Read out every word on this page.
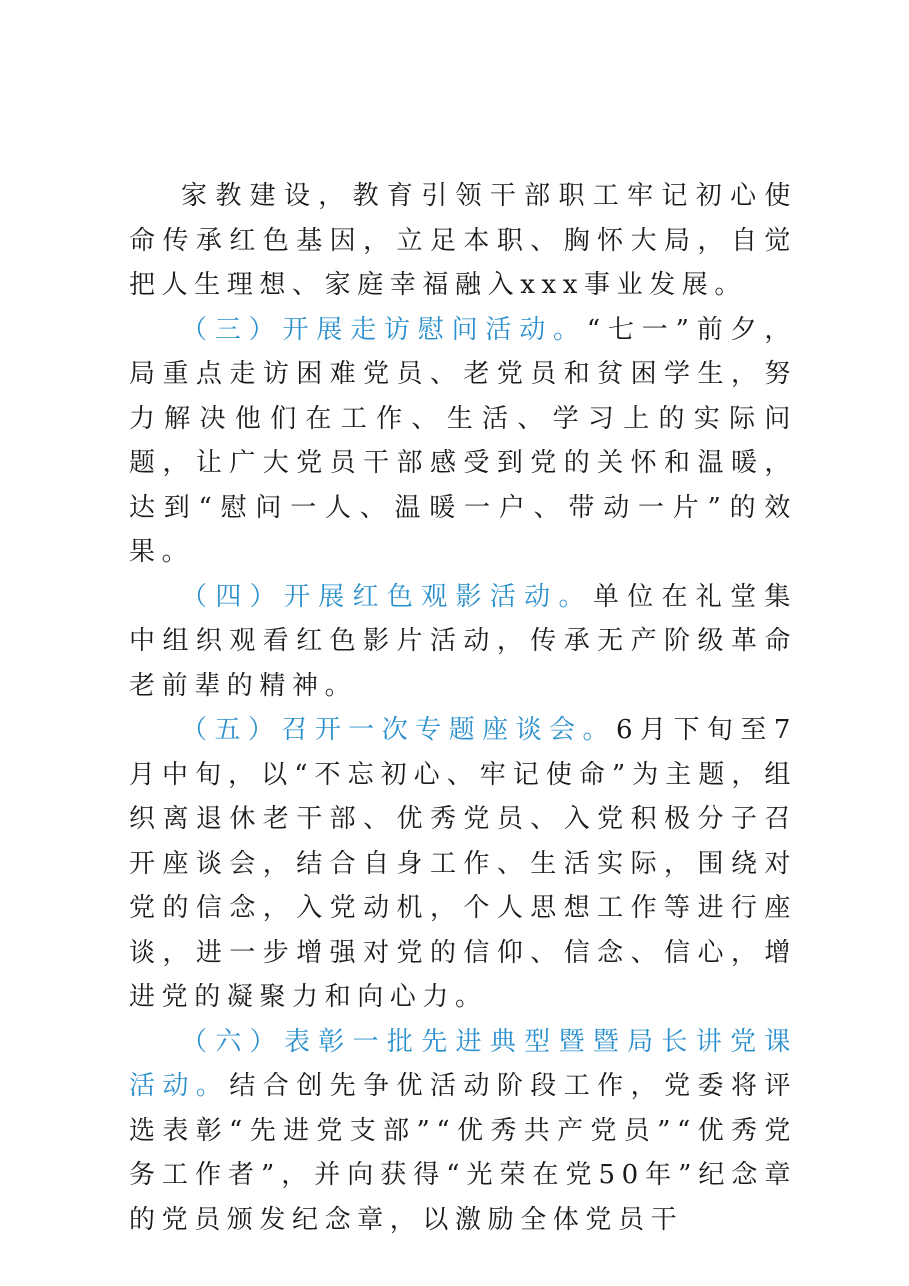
家教建设，教育引领干部职工牢记初心使命传承红色基因，立足本职、胸怀大局，自觉把人生理想、家庭幸福融入xxx事业发展。

（三）开展走访慰问活动。“七一”前夕，局重点走访困难党员、老党员和贫困学生，努力解决他们在工作、生活、学习上的实际问题，让广大党员干部感受到党的关怀和温暖，达到“慰问一人、温暖一户、带动一片”的效果。

（四）开展红色观影活动。单位在礼堂集中组织观看红色影片活动，传承无产阶级革命老前辈的精神。

（五）召开一次专题座谈会。6月下旬至7月中旬，以“不忘初心、牢记使命”为主题，组织离退休老干部、优秀党员、入党积极分子召开座谈会，结合自身工作、生活实际，围绕对党的信念，入党动机，个人思想工作等进行座谈，进一步增强对党的信仰、信念、信心，增进党的凝聚力和向心力。

（六）表彰一批先进典型暨暨局长讲党课活动。结合创先争优活动阶段工作，党委将评选表彰“先进党支部”“优秀共产党员”“优秀党务工作者”，并向获得“光荣在党50年”纪念章的党员颁发纪念章，以激励全体党员干
